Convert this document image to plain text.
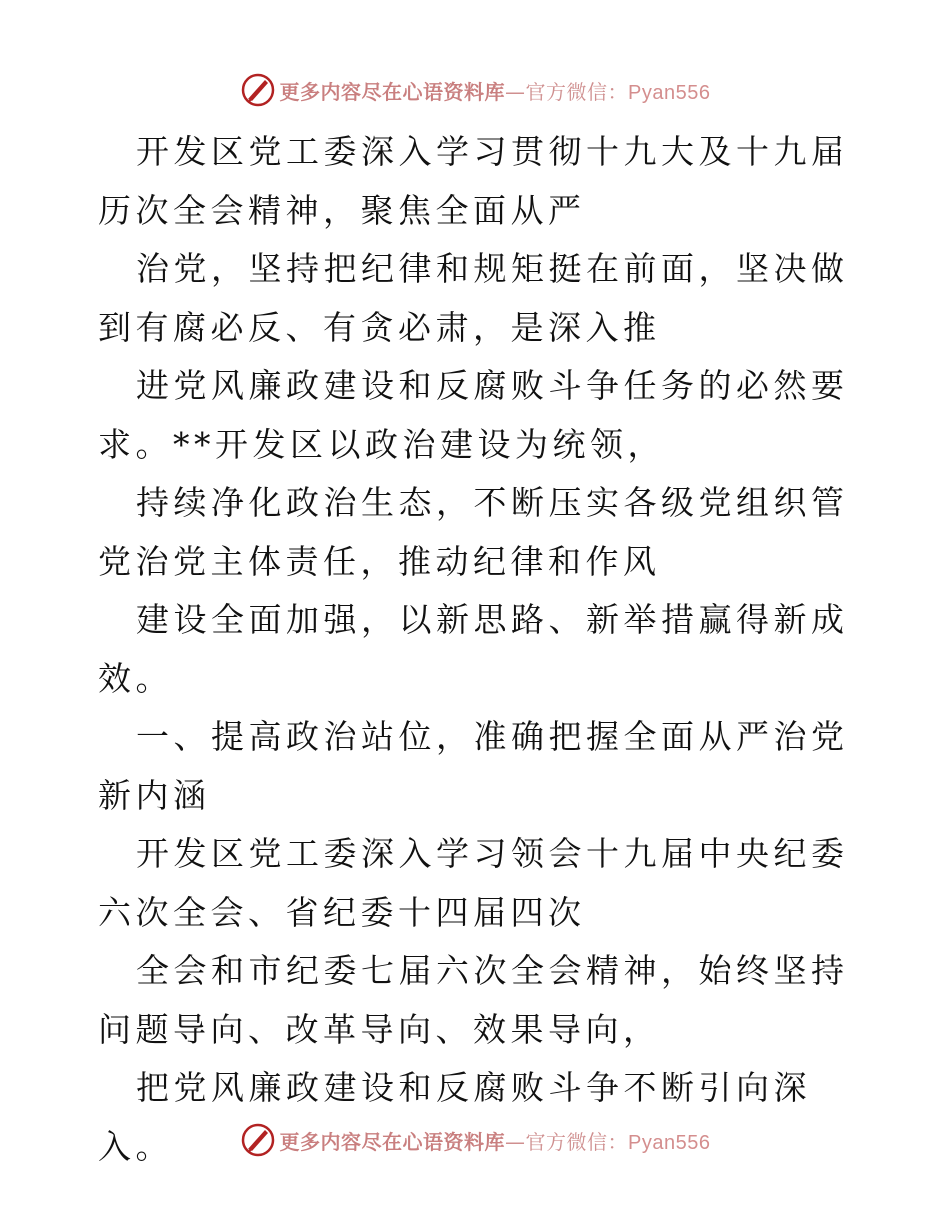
更多内容尽在心语资料库—官方微信：Pyan556

开发区党工委深入学习贯彻十九大及十九届历次全会精神，聚焦全面从严

治党，坚持把纪律和规矩挺在前面，坚决做到有腐必反、有贪必肃，是深入推

进党风廉政建设和反腐败斗争任务的必然要求。**开发区以政治建设为统领，

持续净化政治生态，不断压实各级党组织管党治党主体责任，推动纪律和作风

建设全面加强，以新思路、新举措赢得新成效。

一、提高政治站位，准确把握全面从严治党新内涵

开发区党工委深入学习领会十九届中央纪委六次全会、省纪委十四届四次

全会和市纪委七届六次全会精神，始终坚持问题导向、改革导向、效果导向，

把党风廉政建设和反腐败斗争不断引向深入。	更多内容尽在心语资料库—官方微信：Pyan556
